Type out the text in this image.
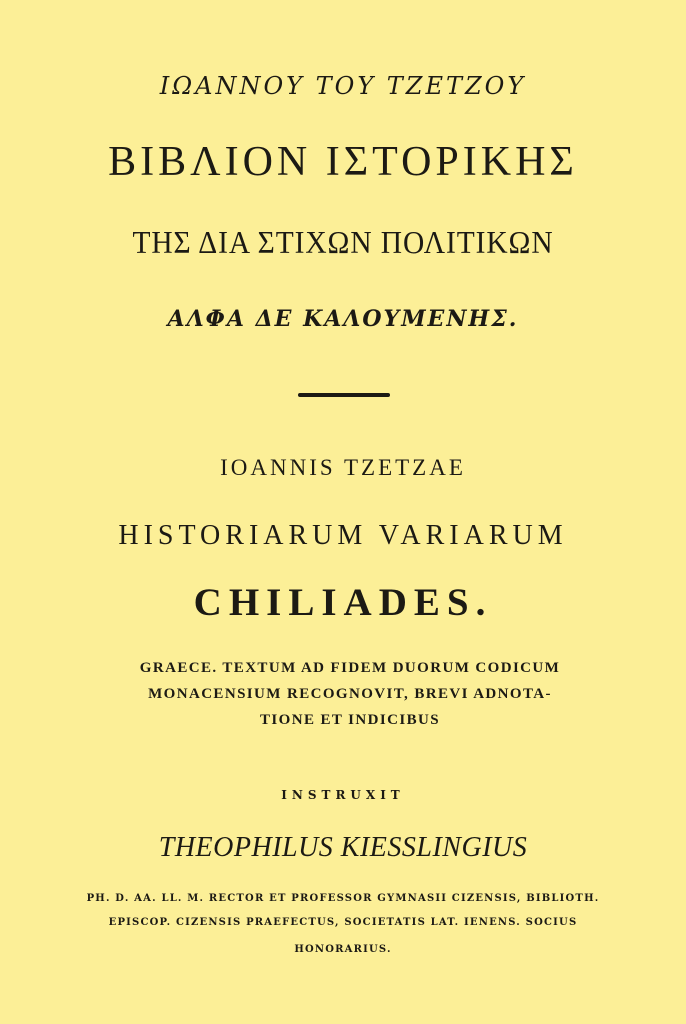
ΙΩΑΝΝΟΥ ΤΟΥ ΤΖΕΤΖΟΥ
ΒΙΒΛΙΟΝ ΙΣΤΟΡΙΚΗΣ
ΤΗΣ ΔΙΑ ΣΤΙΧΩΝ ΠΟΛΙΤΙΚΩΝ
ΑΛΦΑ ΔΕ ΚΑΛΟΥΜΕΝΗΣ.
IOANNIS TZETZAE
HISTORIARUM VARIARUM
CHILIADES.
GRAECE. TEXTUM AD FIDEM DUORUM CODICUM
MONACENSIUM RECOGNOVIT, BREVI ADNOTA-
TIONE ET INDICIBUS
INSTRUXIT
THEOPHILUS KIESSLINGIUS
PH. D. AA. LL. M. RECTOR ET PROFESSOR GYMNASII CIZENSIS, BIBLIOTH.
EPISCOP. CIZENSIS PRAEFECTUS, SOCIETATIS LAT. IENENS. SOCIUS
HONORARIUS.
